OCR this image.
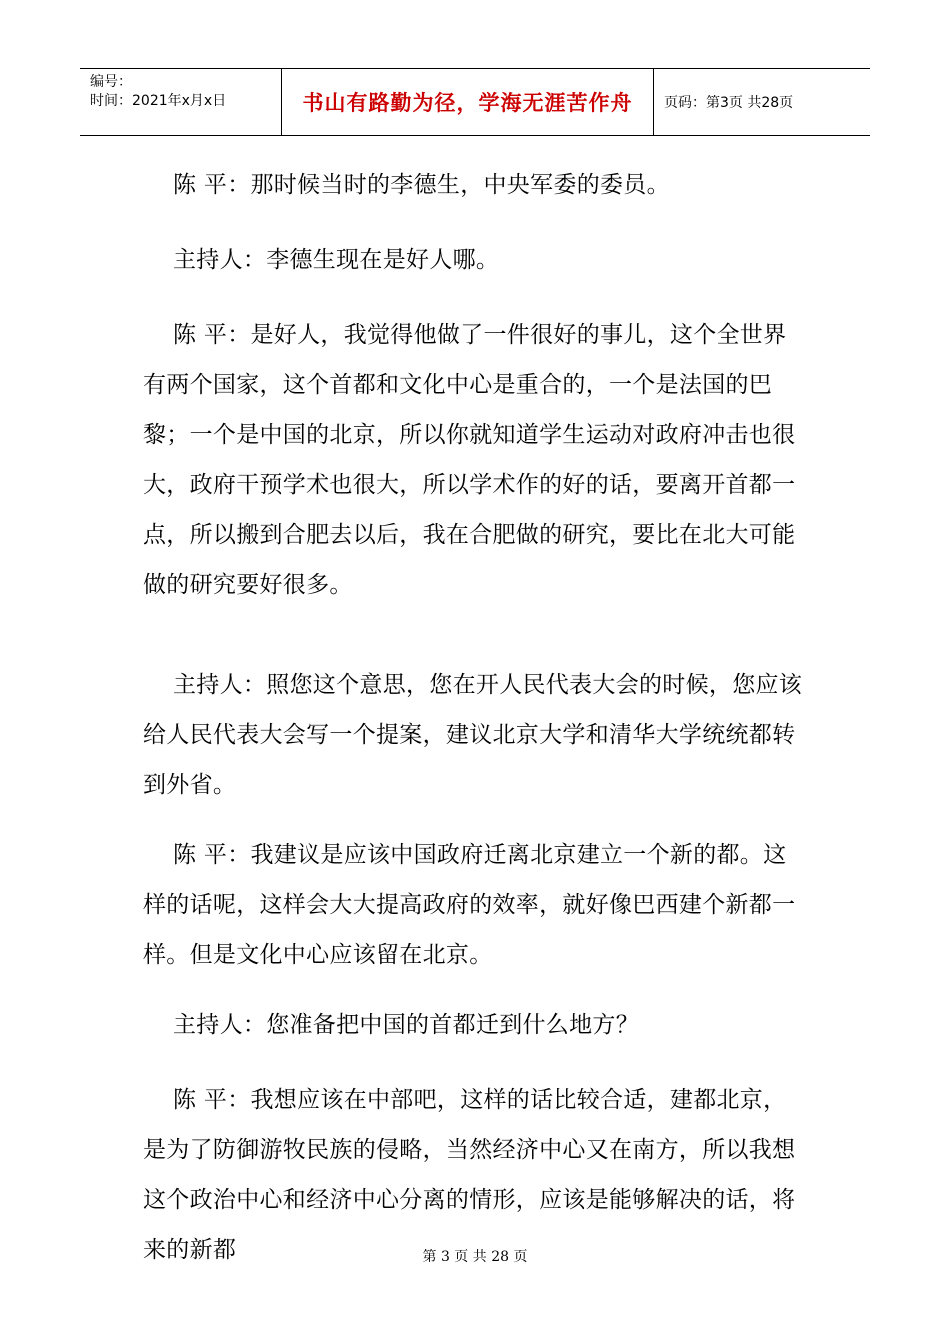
编号：
时间：2021年x月x日	书山有路勤为径，学海无涯苦作舟	页码：第3页 共28页

陈 平：那时候当时的李德生，中央军委的委员。

主持人：李德生现在是好人哪。

陈 平：是好人，我觉得他做了一件很好的事儿，这个全世界有两个国家，这个首都和文化中心是重合的，一个是法国的巴黎；一个是中国的北京，所以你就知道学生运动对政府冲击也很大，政府干预学术也很大，所以学术作的好的话，要离开首都一点，所以搬到合肥去以后，我在合肥做的研究，要比在北大可能做的研究要好很多。

主持人：照您这个意思，您在开人民代表大会的时候，您应该给人民代表大会写一个提案，建议北京大学和清华大学统统都转到外省。

陈 平：我建议是应该中国政府迁离北京建立一个新的都。这样的话呢，这样会大大提高政府的效率，就好像巴西建个新都一样。但是文化中心应该留在北京。

主持人：您准备把中国的首都迁到什么地方？

陈 平：我想应该在中部吧，这样的话比较合适，建都北京，是为了防御游牧民族的侵略，当然经济中心又在南方，所以我想这个政治中心和经济中心分离的情形，应该是能够解决的话，将来的新都	第 3 页 共 28 页
